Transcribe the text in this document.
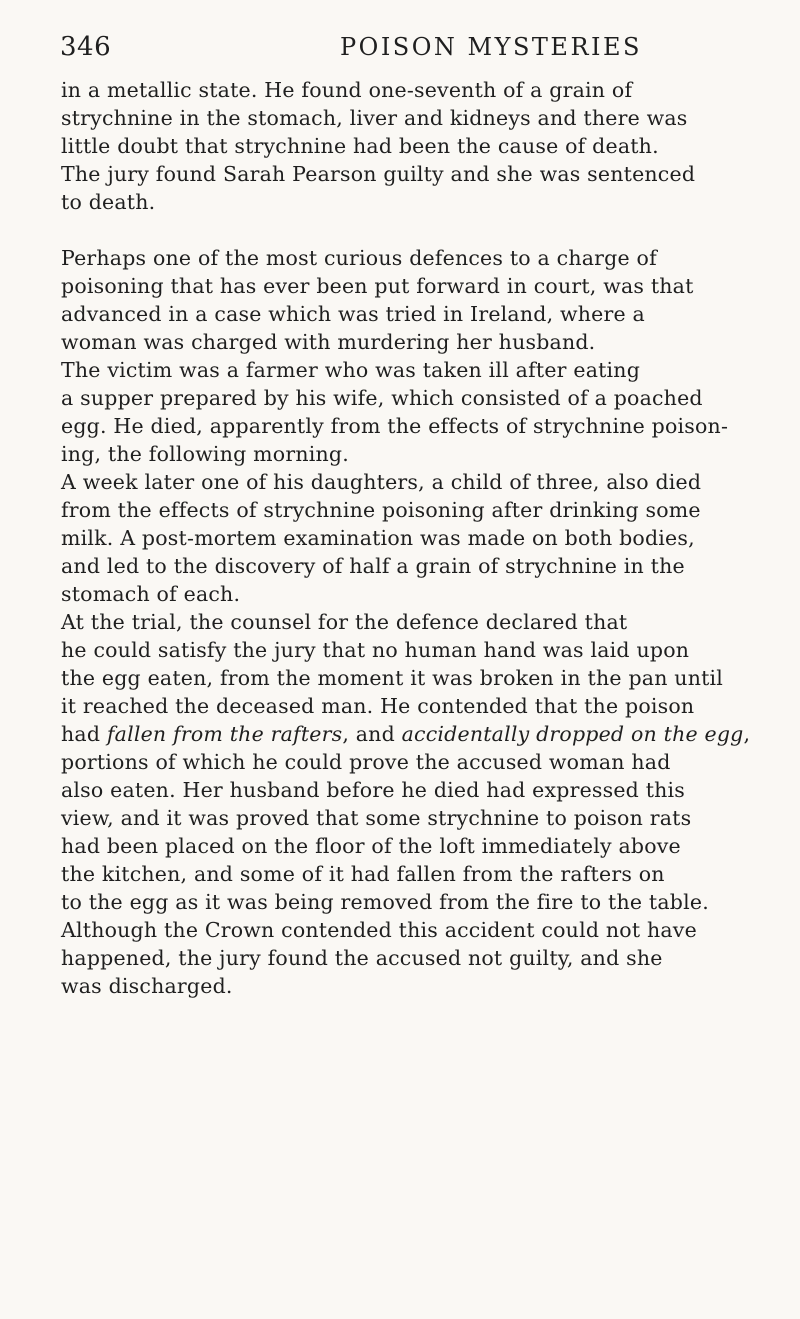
346	POISON MYSTERIES

in a metallic state. He found one-seventh of a grain of
strychnine in the stomach, liver and kidneys and there was
little doubt that strychnine had been the cause of death.

The jury found Sarah Pearson guilty and she was sentenced
to death.

Perhaps one of the most curious defences to a charge of
poisoning that has ever been put forward in court, was that
advanced in a case which was tried in Ireland, where a
woman was charged with murdering her husband.

The victim was a farmer who was taken ill after eating
a supper prepared by his wife, which consisted of a poached
egg. He died, apparently from the effects of strychnine poison-
ing, the following morning.

A week later one of his daughters, a child of three, also died
from the effects of strychnine poisoning after drinking some
milk. A post-mortem examination was made on both bodies,
and led to the discovery of half a grain of strychnine in the
stomach of each.

At the trial, the counsel for the defence declared that
he could satisfy the jury that no human hand was laid upon
the egg eaten, from the moment it was broken in the pan until
it reached the deceased man. He contended that the poison
had fallen from the rafters, and accidentally dropped on the egg,
portions of which he could prove the accused woman had
also eaten. Her husband before he died had expressed this
view, and it was proved that some strychnine to poison rats
had been placed on the floor of the loft immediately above
the kitchen, and some of it had fallen from the rafters on
to the egg as it was being removed from the fire to the table.
Although the Crown contended this accident could not have
happened, the jury found the accused not guilty, and she
was discharged.
